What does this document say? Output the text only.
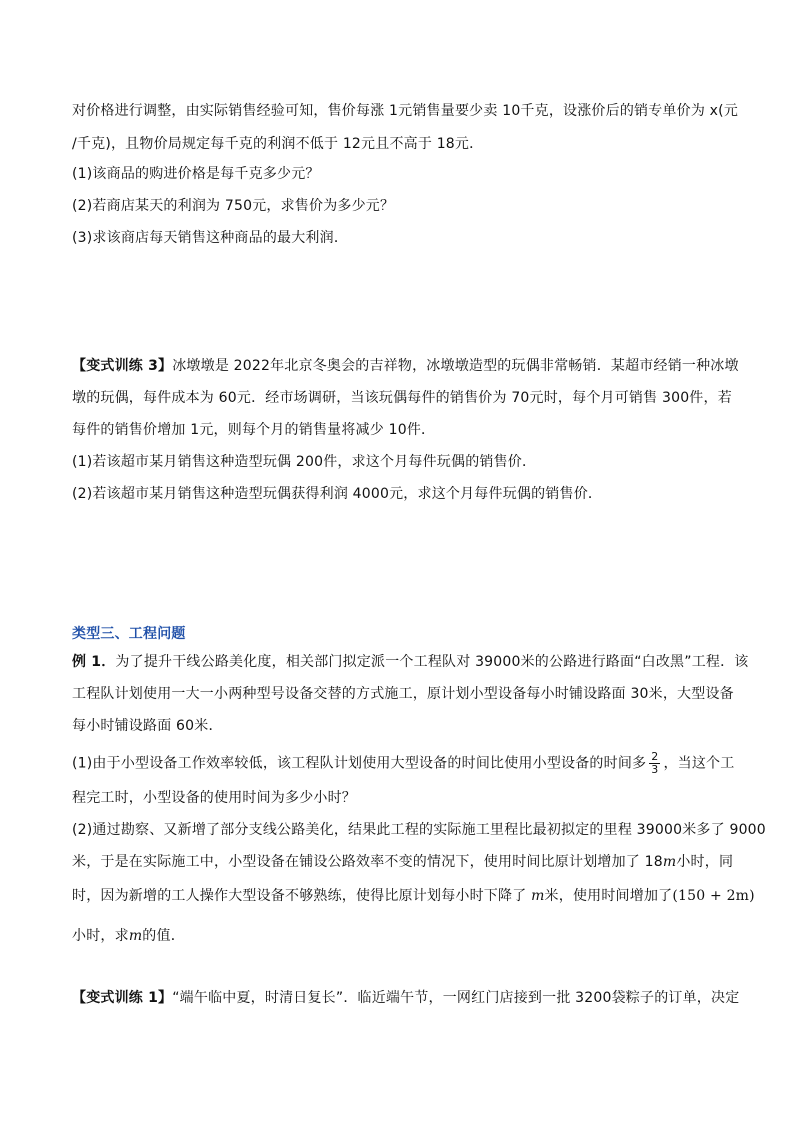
对价格进行调整，由实际销售经验可知，售价每涨 1元销售量要少卖 10千克，设涨价后的销专单价为 x(元
/千克)，且物价局规定每千克的利润不低于 12元且不高于 18元．
(1)该商品的购进价格是每千克多少元？
(2)若商店某天的利润为 750元，求售价为多少元？
(3)求该商店每天销售这种商品的最大利润．
【变式训练 3】冰墩墩是 2022年北京冬奥会的吉祥物，冰墩墩造型的玩偶非常畅销．某超市经销一种冰墩
墩的玩偶，每件成本为 60元．经市场调研，当该玩偶每件的销售价为 70元时，每个月可销售 300件，若
每件的销售价增加 1元，则每个月的销售量将减少 10件．
(1)若该超市某月销售这种造型玩偶 200件，求这个月每件玩偶的销售价．
(2)若该超市某月销售这种造型玩偶获得利润 4000元，求这个月每件玩偶的销售价．
类型三、工程问题
例 1．为了提升干线公路美化度，相关部门拟定派一个工程队对 39000米的公路进行路面“白改黑”工程．该
工程队计划使用一大一小两种型号设备交替的方式施工，原计划小型设备每小时铺设路面 30米，大型设备
每小时铺设路面 60米．
(1)由于小型设备工作效率较低，该工程队计划使用大型设备的时间比使用小型设备的时间多 $\frac{2}{3}$ ，当这个工
程完工时，小型设备的使用时间为多少小时？
(2)通过勘察、又新增了部分支线公路美化，结果此工程的实际施工里程比最初拟定的里程 39000米多了 9000
米，于是在实际施工中，小型设备在铺设公路效率不变的情况下，使用时间比原计划增加了 18m小时，同
时，因为新增的工人操作大型设备不够熟练，使得比原计划每小时下降了 m米，使用时间增加了(150 + 2m)
小时，求m的值．
【变式训练 1】“端午临中夏，时清日复长”．临近端午节，一网红门店接到一批 3200袋粽子的订单，决定
